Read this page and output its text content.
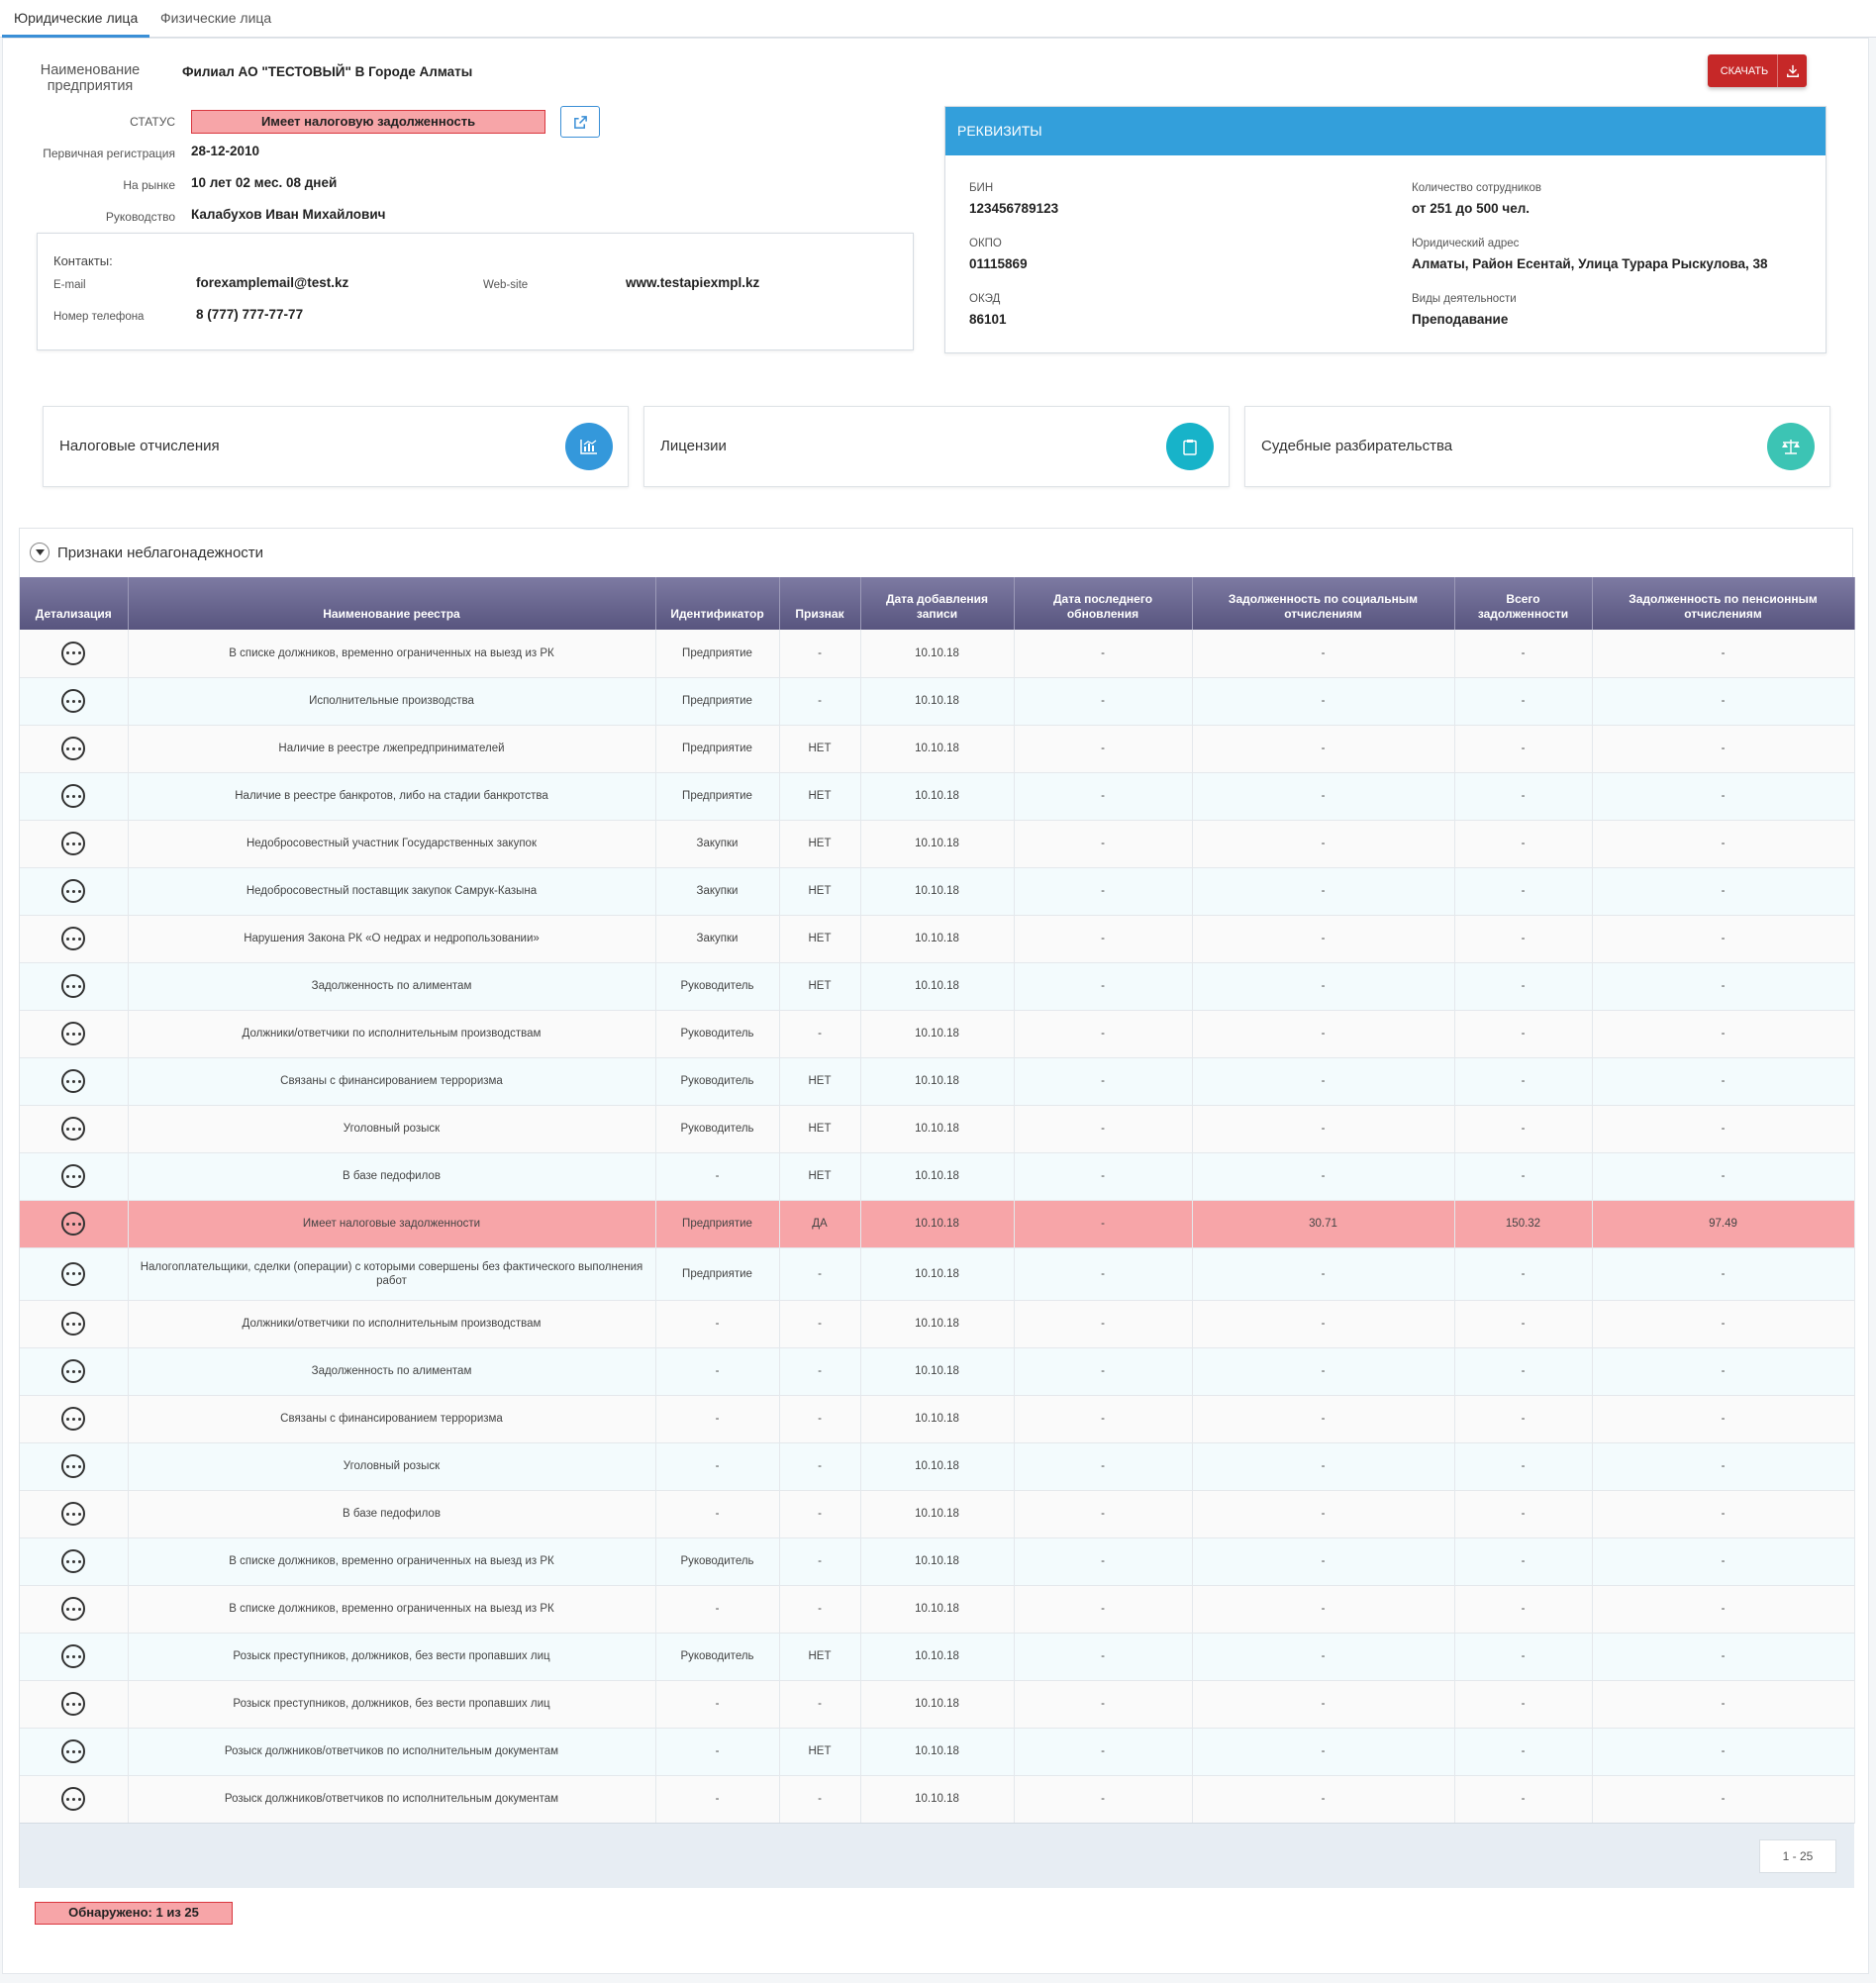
Юридические лица	Физические лица
Наименование предприятия
Филиал АО "ТЕСТОВЫЙ" В Городе Алматы
СТАТУС	Имеет налоговую задолженность
Первичная регистрация 28-12-2010
На рынке 10 лет 02 мес. 08 дней
Руководство Калабухов Иван Михайлович
Контакты:
E-mail	forexamplemail@test.kz	Web-site	www.testapiexmpl.kz
Номер телефона	8 (777) 777-77-77
СКАЧАТЬ
РЕКВИЗИТЫ
БИН
123456789123
ОКПО
01115869
ОКЭД
86101
Количество сотрудников
от 251 до 500 чел.
Юридический адрес
Алматы, Район Есентай, Улица Турара Рыскулова, 38
Виды деятельности
Преподавание
Налоговые отчисления	Лицензии	Судебные разбирательства
Признаки неблагонадежности
Детализация	Наименование реестра	Идентификатор	Признак	Дата добавления записи	Дата последнего обновления	Задолженность по социальным отчислениям	Всего задолженности	Задолженность по пенсионным отчислениям

	В списке должников, временно ограниченных на выезд из РК	Предприятие	-	10.10.18	-	-	-	-

	Исполнительные производства	Предприятие	-	10.10.18	-	-	-	-

	Наличие в реестре лжепредпринимателей	Предприятие	НЕТ	10.10.18	-	-	-	-

	Наличие в реестре банкротов, либо на стадии банкротства	Предприятие	НЕТ	10.10.18	-	-	-	-

	Недобросовестный участник Государственных закупок	Закупки	НЕТ	10.10.18	-	-	-	-

	Недобросовестный поставщик закупок Самрук-Казына	Закупки	НЕТ	10.10.18	-	-	-	-

	Нарушения Закона РК «О недрах и недропользовании»	Закупки	НЕТ	10.10.18	-	-	-	-

	Задолженность по алиментам	Руководитель	НЕТ	10.10.18	-	-	-	-

	Должники/ответчики по исполнительным производствам	Руководитель	-	10.10.18	-	-	-	-

	Связаны с финансированием терроризма	Руководитель	НЕТ	10.10.18	-	-	-	-

	Уголовный розыск	Руководитель	НЕТ	10.10.18	-	-	-	-

	В базе педофилов	-	НЕТ	10.10.18	-	-	-	-

	Имеет налоговые задолженности	Предприятие	ДА	10.10.18	-	30.71	150.32	97.49

	Налогоплательщики, сделки (операции) с которыми совершены без фактического выполнения работ	Предприятие	-	10.10.18	-	-	-	-

	Должники/ответчики по исполнительным производствам	-	-	10.10.18	-	-	-	-

	Задолженность по алиментам	-	-	10.10.18	-	-	-	-

	Связаны с финансированием терроризма	-	-	10.10.18	-	-	-	-

	Уголовный розыск	-	-	10.10.18	-	-	-	-

	В базе педофилов	-	-	10.10.18	-	-	-	-

	В списке должников, временно ограниченных на выезд из РК	Руководитель	-	10.10.18	-	-	-	-

	В списке должников, временно ограниченных на выезд из РК	-	-	10.10.18	-	-	-	-

	Розыск преступников, должников, без вести пропавших лиц	Руководитель	НЕТ	10.10.18	-	-	-	-

	Розыск преступников, должников, без вести пропавших лиц	-	-	10.10.18	-	-	-	-

	Розыск должников/ответчиков по исполнительным документам	-	НЕТ	10.10.18	-	-	-	-

	Розыск должников/ответчиков по исполнительным документам	-	-	10.10.18	-	-	-	-
1 - 25
Обнаружено: 1 из 25
